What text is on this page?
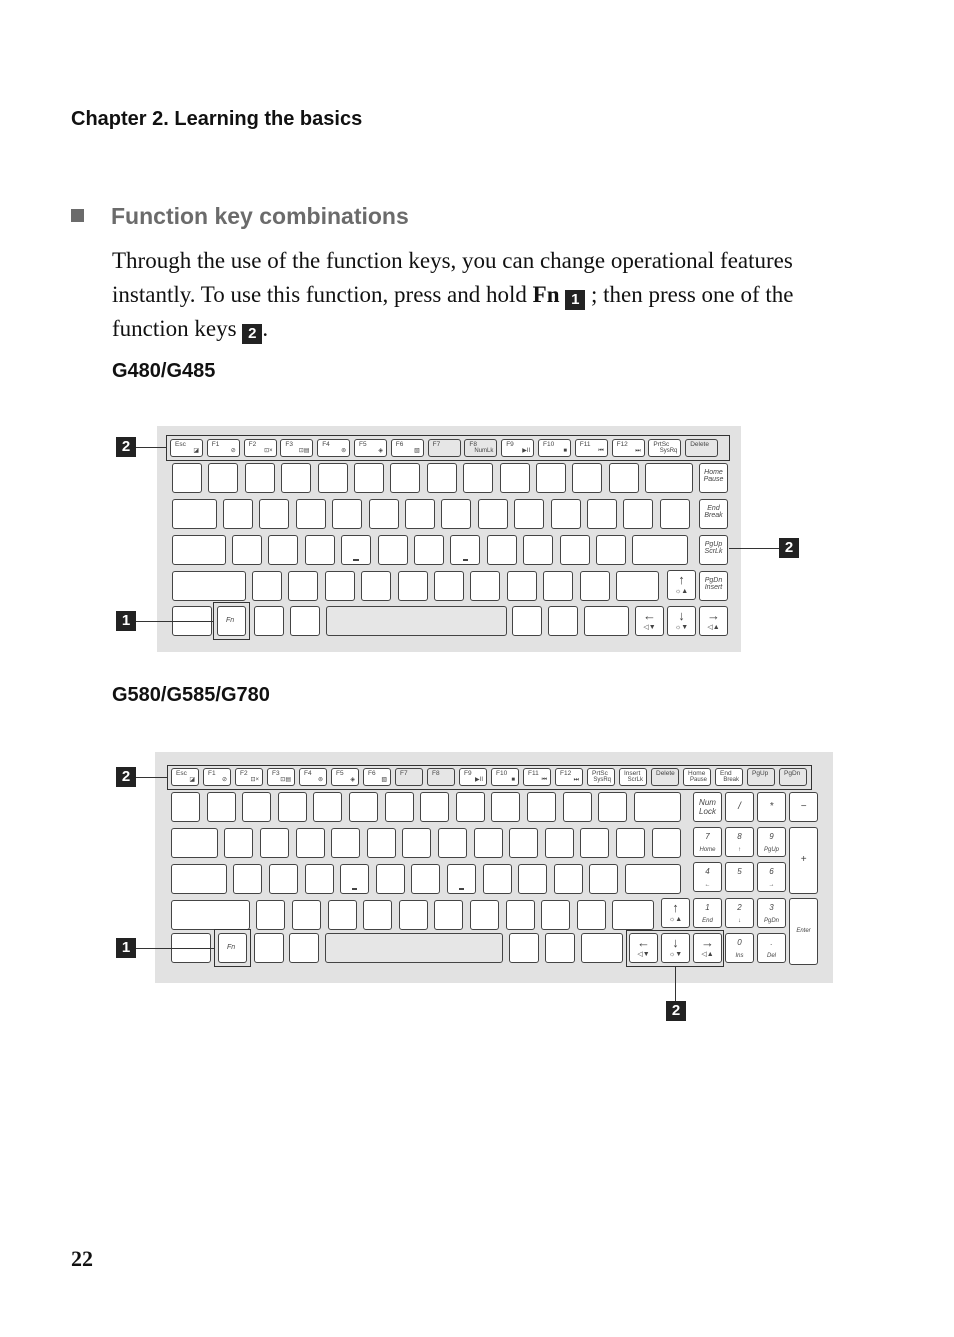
Chapter 2. Learning the basics
Function key combinations
Through the use of the function keys, you can change operational features instantly. To use this function, press and hold Fn 1 ; then press one of the function keys 2 .
G480/G485
Esc
◪
F1
⊘
F2
⊡×
F3
⊡▤
F4
⊚
F5
◈
F6
▧
F7	F8
NumLk
F9
▶II
F10
■
F11
⏮
F12
⏭
PrtSc
SysRq
Delete
Home
Pause
End
Break
PgUp
ScrLk
PgDn
Insert
↑
☼▲
←
◁▼
↓
☼▼
→
◁▲
Fn
2
2
1
G580/G585/G780
Esc
◪
F1
⊘
F2
⊡×
F3
⊡▤
F4
⊚
F5
◈
F6
▧
F7	F8	F9
▶II
F10
■
F11
⏮
F12
⏭
PrtSc
SysRq
Insert
ScrLk
Delete	Home
Pause
End
Break
PgUp	PgDn
Num Lock	/	*	−
7
Home
8
↑
9
PgUp
4
←
5	6
→
1
End
2
↓
3
PgDn
0
Ins
.
Del
+
Enter
↑
☼▲
←
◁▼
↓
☼▼
→
◁▲
Fn
2
1
2
22
